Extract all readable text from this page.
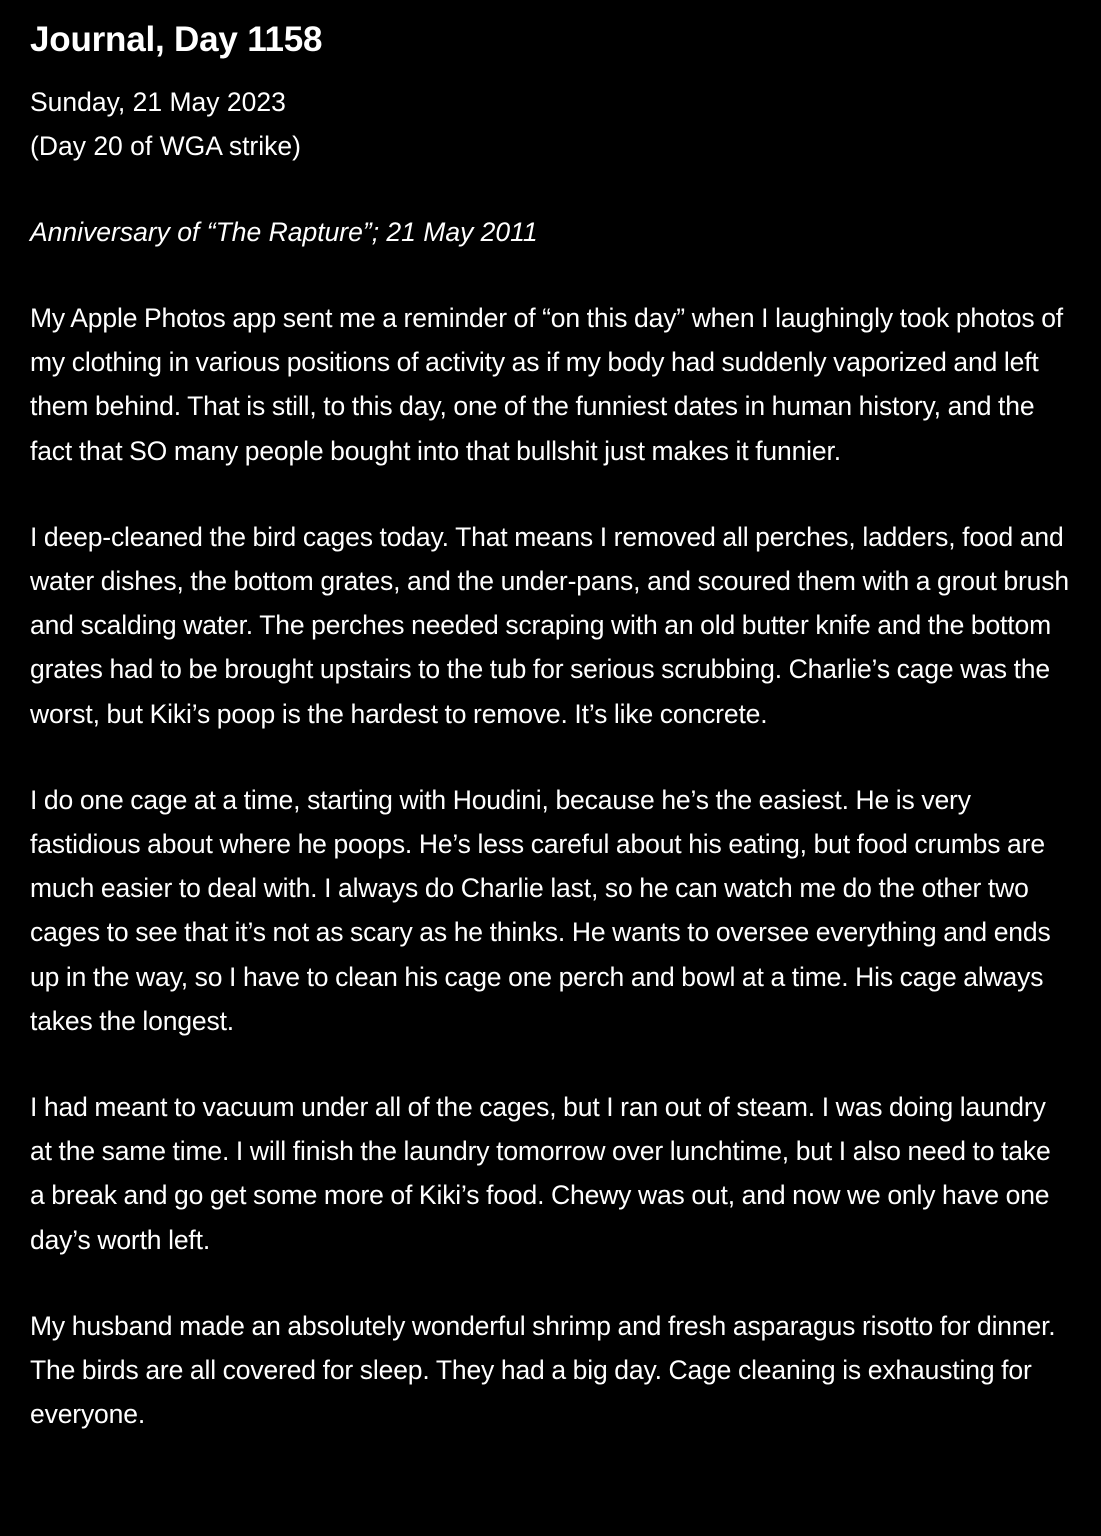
Journal, Day 1158

Sunday, 21 May 2023

(Day 20 of WGA strike)

Anniversary of “The Rapture”; 21 May 2011

My Apple Photos app sent me a reminder of “on this day” when I laughingly took photos of my clothing in various positions of activity as if my body had suddenly vaporized and left them behind. That is still, to this day, one of the funniest dates in human history, and the fact that SO many people bought into that bullshit just makes it funnier.

I deep-cleaned the bird cages today. That means I removed all perches, ladders, food and water dishes, the bottom grates, and the under-pans, and scoured them with a grout brush and scalding water. The perches needed scraping with an old butter knife and the bottom grates had to be brought upstairs to the tub for serious scrubbing. Charlie’s cage was the worst, but Kiki’s poop is the hardest to remove. It’s like concrete.

I do one cage at a time, starting with Houdini, because he’s the easiest. He is very fastidious about where he poops. He’s less careful about his eating, but food crumbs are much easier to deal with. I always do Charlie last, so he can watch me do the other two cages to see that it’s not as scary as he thinks. He wants to oversee everything and ends up in the way, so I have to clean his cage one perch and bowl at a time. His cage always takes the longest.

I had meant to vacuum under all of the cages, but I ran out of steam. I was doing laundry at the same time. I will finish the laundry tomorrow over lunchtime, but I also need to take a break and go get some more of Kiki’s food. Chewy was out, and now we only have one day’s worth left.

My husband made an absolutely wonderful shrimp and fresh asparagus risotto for dinner. The birds are all covered for sleep. They had a big day. Cage cleaning is exhausting for everyone.
